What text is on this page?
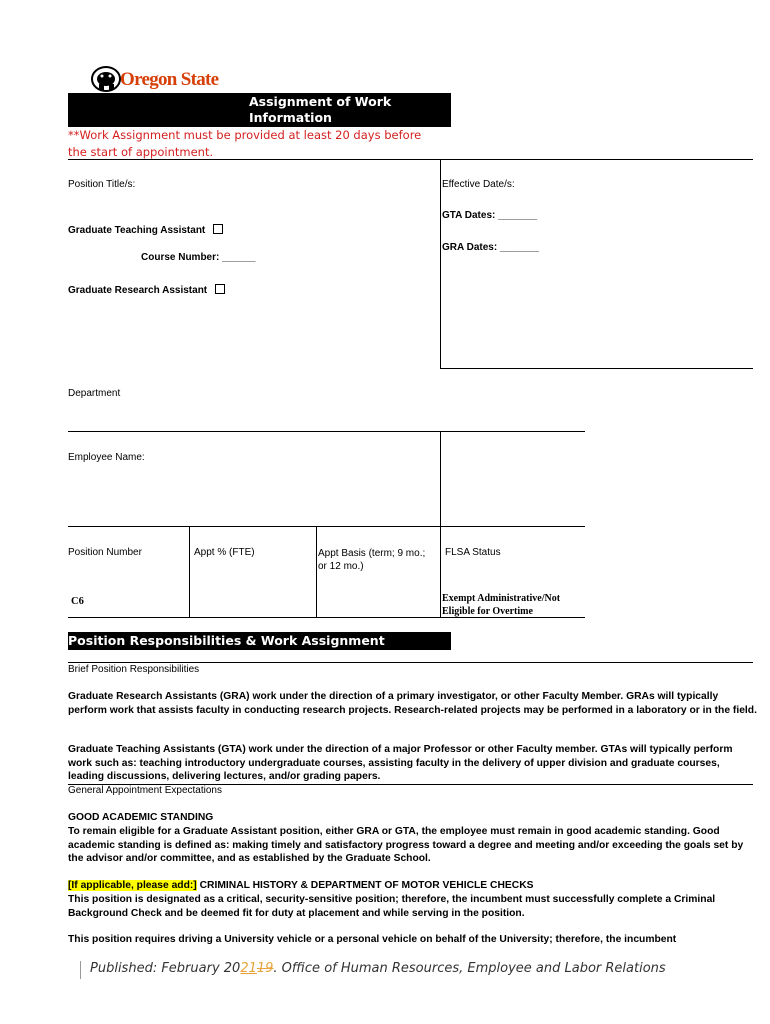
Oregon State
Assignment of Work Information
**Work Assignment must be provided at least 20 days before the start of appointment.
Position Title/s:
Graduate Teaching Assistant
Course Number: ______
Graduate Research Assistant
Effective Date/s:
GTA Dates: _______
GRA Dates: _______
Department
Employee Name:
Position Number
C6
Appt % (FTE)	Appt Basis (term; 9 mo.; or 12 mo.)
FLSA Status
Exempt Administrative/Not Eligible for Overtime
Position Responsibilities & Work Assignment
Brief Position Responsibilities
Graduate Research Assistants (GRA) work under the direction of a primary investigator, or other Faculty Member. GRAs will typically perform work that assists faculty in conducting research projects. Research-related projects may be performed in a laboratory or in the field.
Graduate Teaching Assistants (GTA) work under the direction of a major Professor or other Faculty member. GTAs will typically perform work such as: teaching introductory undergraduate courses, assisting faculty in the delivery of upper division and graduate courses, leading discussions, delivering lectures, and/or grading papers.
General Appointment Expectations
GOOD ACADEMIC STANDING
To remain eligible for a Graduate Assistant position, either GRA or GTA, the employee must remain in good academic standing. Good academic standing is defined as: making timely and satisfactory progress toward a degree and meeting and/or exceeding the goals set by the advisor and/or committee, and as established by the Graduate School.
[If applicable, please add:] CRIMINAL HISTORY & DEPARTMENT OF MOTOR VEHICLE CHECKS
This position is designated as a critical, security-sensitive position; therefore, the incumbent must successfully complete a Criminal Background Check and be deemed fit for duty at placement and while serving in the position.
This position requires driving a University vehicle or a personal vehicle on behalf of the University; therefore, the incumbent
Published: February 202119. Office of Human Resources, Employee and Labor Relations
